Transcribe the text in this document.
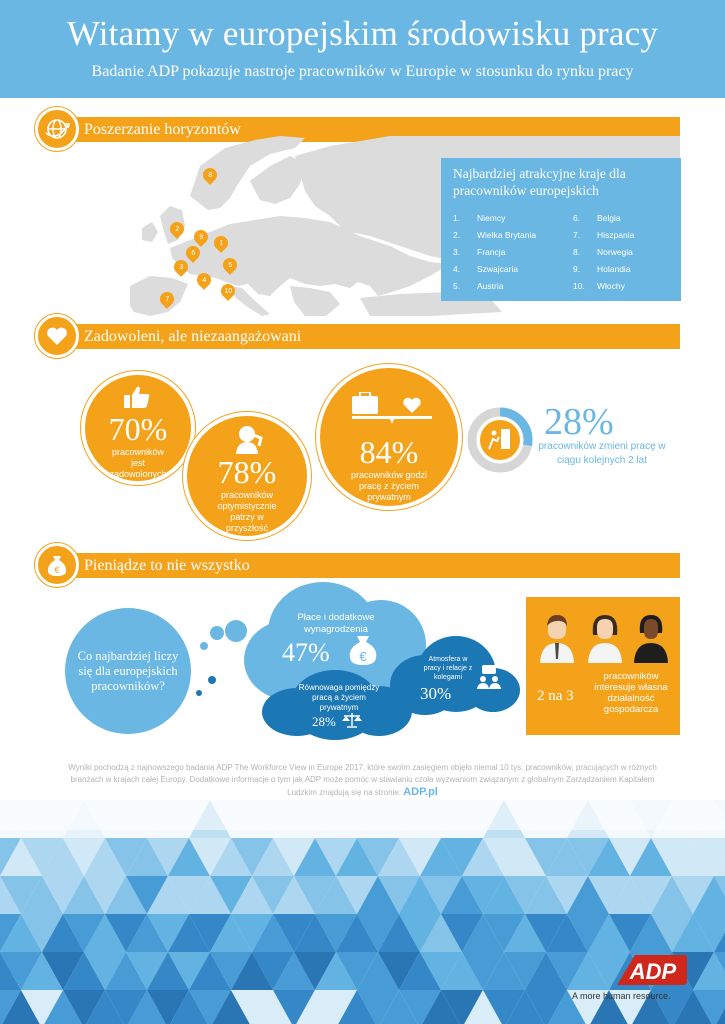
Witamy w europejskim środowisku pracy
Badanie ADP pokazuje nastroje pracowników w Europie w stosunku do rynku pracy
Poszerzanie horyzontów
8
2
9
6
1
3	5
4
10
7
Najbardziej atrakcyjne kraje dla pracowników europejskich
1. Niemcy
2. Wielka Brytania
3. Francja
4. Szwajcaria
5. Austria
6. Belgia
7. Hiszpania
8. Norwegia
9. Holandia
10. Włochy
Zadowoleni, ale niezaangażowani
70%
pracowników jest zadowolonych	78%
pracowników optymistycznie patrzy w przyszłość
84%
pracowników godzi pracę z życiem prywatnym
28%
pracowników zmieni pracę w ciągu kolejnych 2 lat
€ Pieniądze to nie wszystko
Co najbardziej liczy się dla europejskich pracowników?
Płace i dodatkowe wynagrodzenia
47% €	Atmosfera w pracy i relacje z kolegami
30%
Równowaga pomiędzy pracą a życiem prywatnym
28%
2 na 3
pracowników interesuje własna działalność gospodarcza
Wyniki pochodzą z najnowszego badania ADP The Workforce View in Europe 2017, które swoim zasięgiem objęło niemal 10 tys. pracowników, pracujących w różnych branżach w krajach całej Europy. Dodatkowe informacje o tym jak ADP może pomóc w stawianiu czoła wyzwaniom związanym z globalnym Zarządzaniem Kapitałem Ludzkim znajdują się na stronie: ADP.pl
ADP
A more human resource.
